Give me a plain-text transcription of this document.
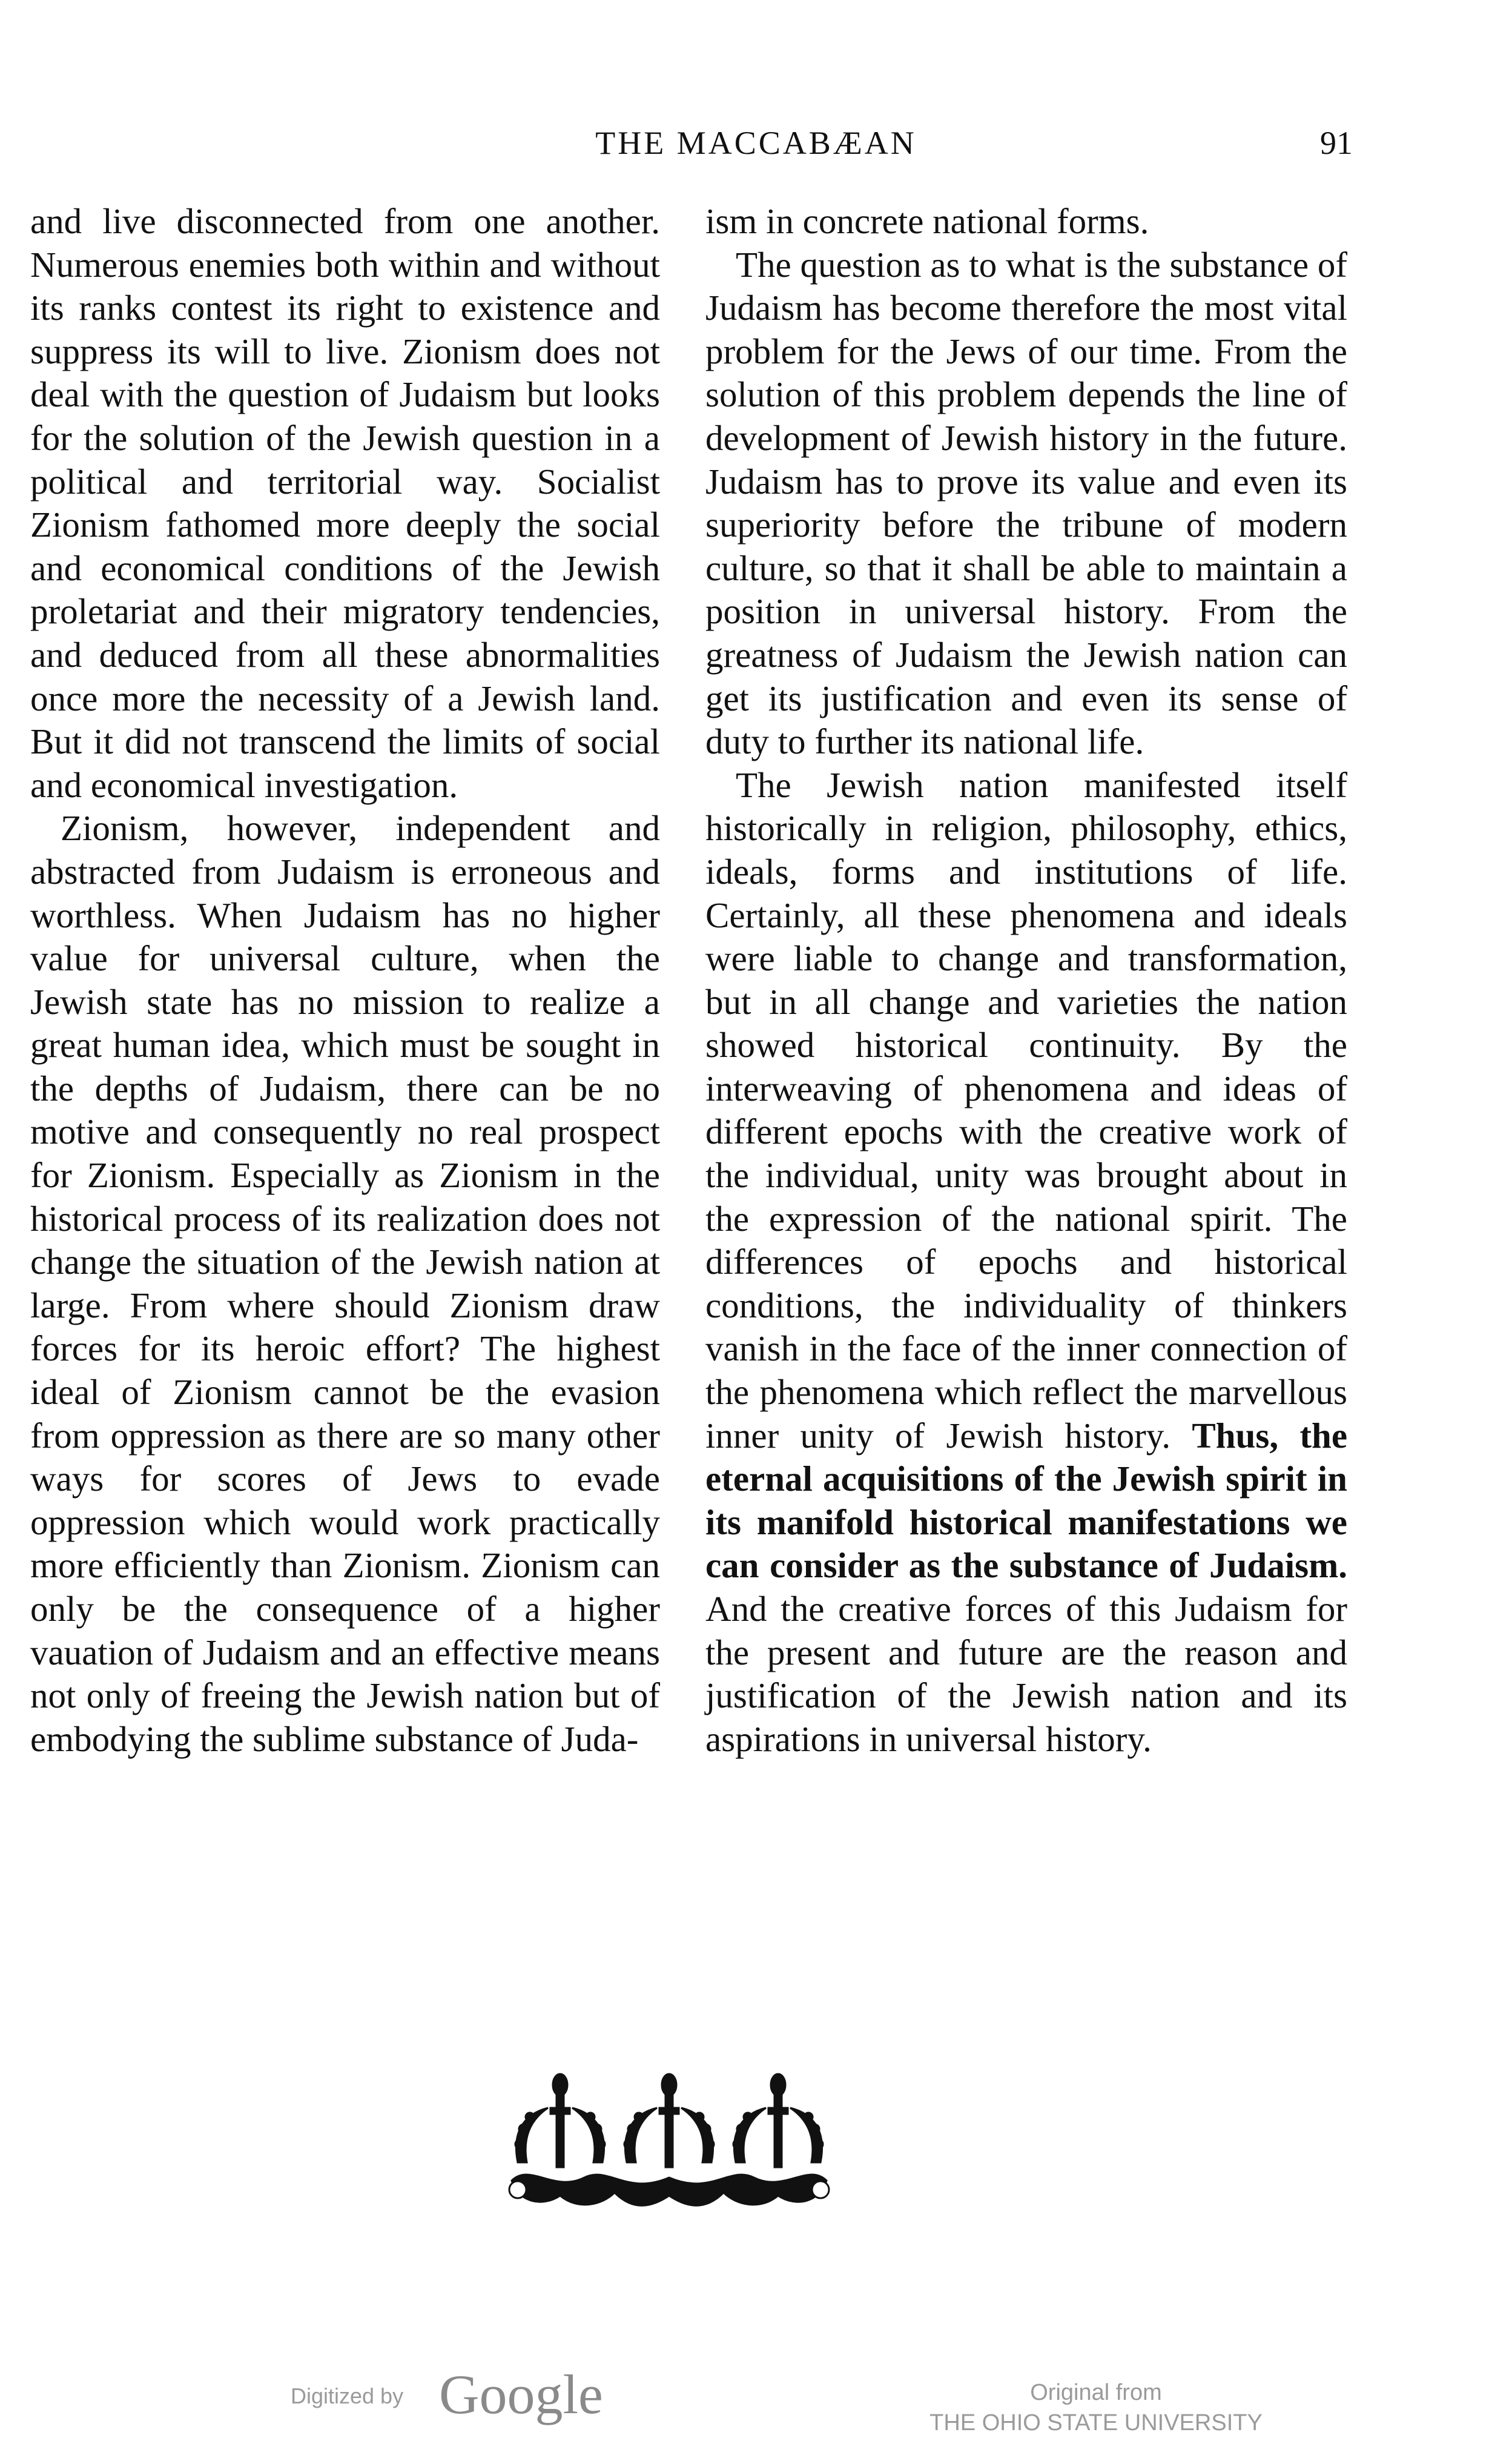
THE MACCABÆAN	91

and live disconnected from one another. Numerous enemies both within and without its ranks contest its right to existence and suppress its will to live. Zionism does not deal with the question of Judaism but looks for the solution of the Jewish question in a political and territorial way. Socialist Zionism fathomed more deeply the social and economical conditions of the Jewish proletariat and their migratory tendencies, and deduced from all these abnormalities once more the necessity of a Jewish land. But it did not transcend the limits of social and economical investigation.

Zionism, however, independent and abstracted from Judaism is erroneous and worthless. When Judaism has no higher value for universal culture, when the Jewish state has no mission to realize a great human idea, which must be sought in the depths of Judaism, there can be no motive and consequently no real prospect for Zionism. Especially as Zionism in the historical process of its realization does not change the situation of the Jewish nation at large. From where should Zionism draw forces for its heroic effort? The highest ideal of Zionism cannot be the evasion from oppression as there are so many other ways for scores of Jews to evade oppression which would work practically more efficiently than Zionism. Zionism can only be the consequence of a higher vauation of Judaism and an effective means not only of freeing the Jewish nation but of embodying the sublime substance of Juda-

ism in concrete national forms.

The question as to what is the substance of Judaism has become therefore the most vital problem for the Jews of our time. From the solution of this problem depends the line of development of Jewish history in the future. Judaism has to prove its value and even its superiority before the tribune of modern culture, so that it shall be able to maintain a position in universal history. From the greatness of Judaism the Jewish nation can get its justification and even its sense of duty to further its national life.

The Jewish nation manifested itself historically in religion, philosophy, ethics, ideals, forms and institutions of life. Certainly, all these phenomena and ideals were liable to change and transformation, but in all change and varieties the nation showed historical continuity. By the interweaving of phenomena and ideas of different epochs with the creative work of the individual, unity was brought about in the expression of the national spirit. The differences of epochs and historical conditions, the individuality of thinkers vanish in the face of the inner connection of the phenomena which reflect the marvellous inner unity of Jewish history. Thus, the eternal acquisitions of the Jewish spirit in its manifold historical manifestations we can consider as the substance of Judaism. And the creative forces of this Judaism for the present and future are the reason and justification of the Jewish nation and its aspirations in universal history.

Digitized by Google	Original from
THE OHIO STATE UNIVERSITY
